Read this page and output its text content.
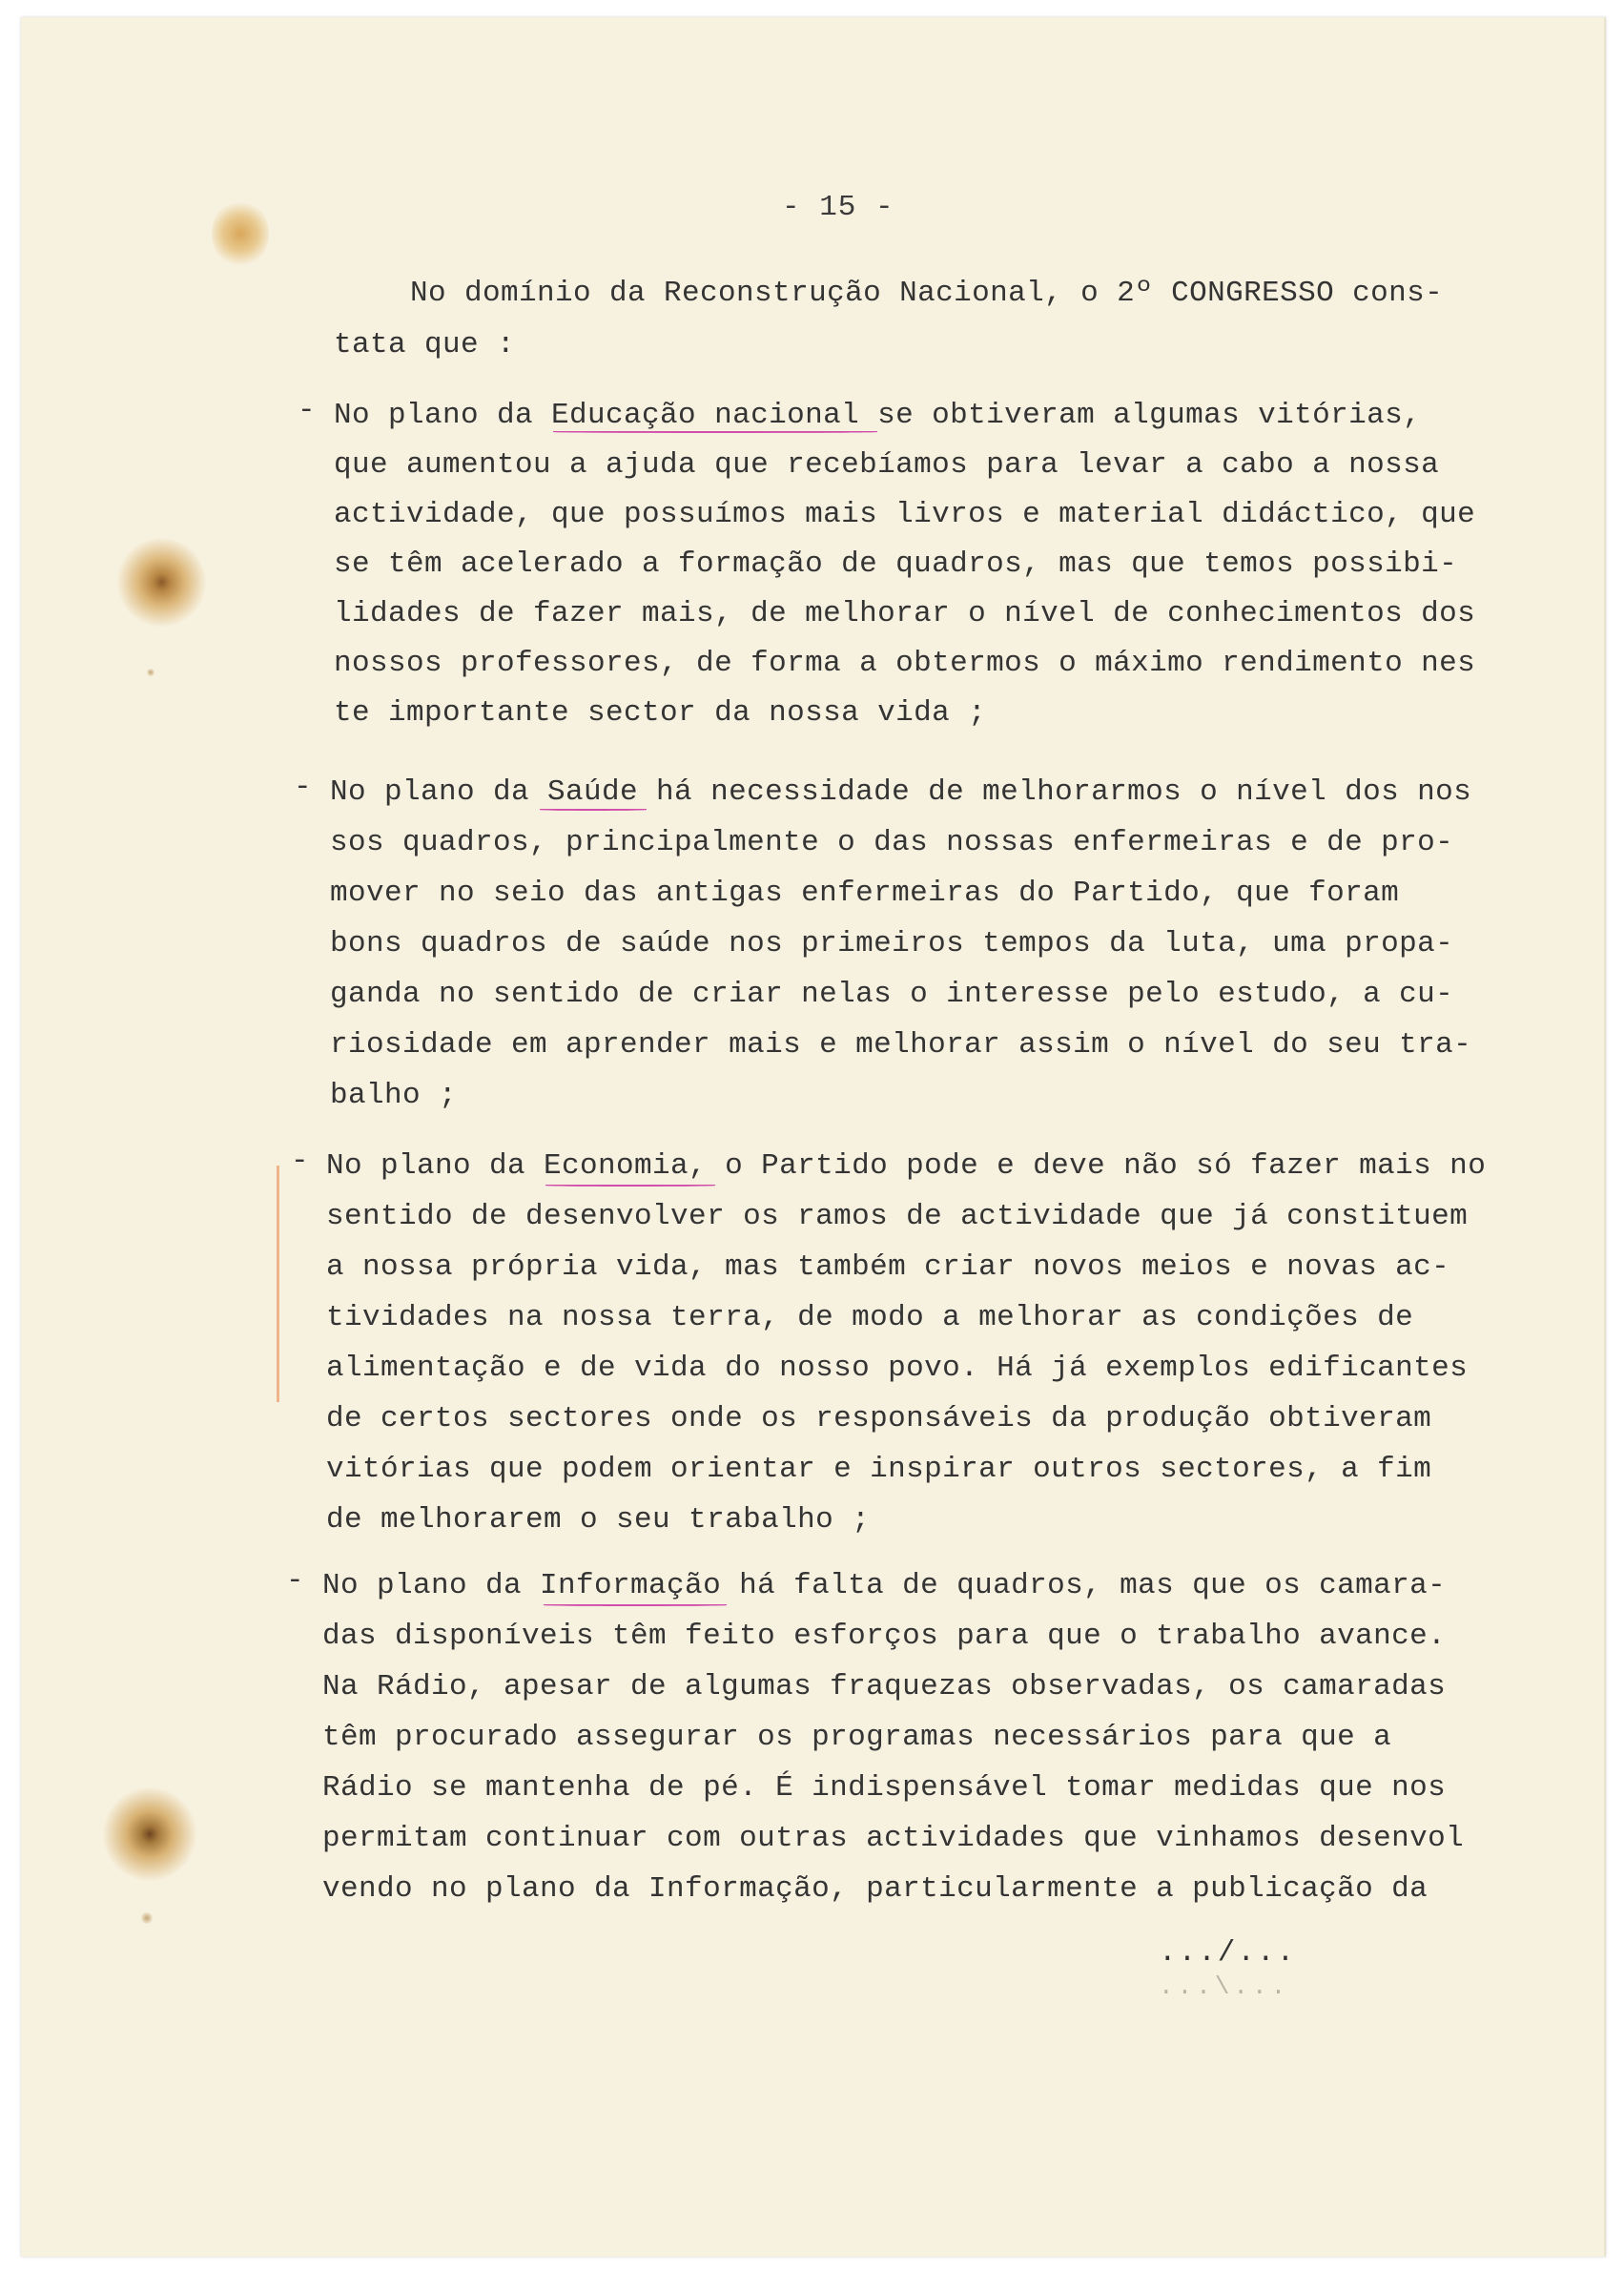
- 15 -
No domínio da Reconstrução Nacional, o 2º CONGRESSO cons-
tata que :
- No plano da Educação nacional se obtiveram algumas vitórias,
que aumentou a ajuda que recebíamos para levar a cabo a nossa
actividade, que possuímos mais livros e material didáctico, que
se têm acelerado a formação de quadros, mas que temos possibi-
lidades de fazer mais, de melhorar o nível de conhecimentos dos
nossos professores, de forma a obtermos o máximo rendimento nes
te importante sector da nossa vida ;
- No plano da Saúde há necessidade de melhorarmos o nível dos nos
sos quadros, principalmente o das nossas enfermeiras e de pro-
mover no seio das antigas enfermeiras do Partido, que foram
bons quadros de saúde nos primeiros tempos da luta, uma propa-
ganda no sentido de criar nelas o interesse pelo estudo, a cu-
riosidade em aprender mais e melhorar assim o nível do seu tra-
balho ;
- No plano da Economia, o Partido pode e deve não só fazer mais no
sentido de desenvolver os ramos de actividade que já constituem
a nossa própria vida, mas também criar novos meios e novas ac-
tividades na nossa terra, de modo a melhorar as condições de
alimentação e de vida do nosso povo. Há já exemplos edificantes
de certos sectores onde os responsáveis da produção obtiveram
vitórias que podem orientar e inspirar outros sectores, a fim
de melhorarem o seu trabalho ;
- No plano da Informação há falta de quadros, mas que os camara-
das disponíveis têm feito esforços para que o trabalho avance.
Na Rádio, apesar de algumas fraquezas observadas, os camaradas
têm procurado assegurar os programas necessários para que a
Rádio se mantenha de pé. É indispensável tomar medidas que nos
permitam continuar com outras actividades que vinhamos desenvol
vendo no plano da Informação, particularmente a publicação da
.../...
...\...
